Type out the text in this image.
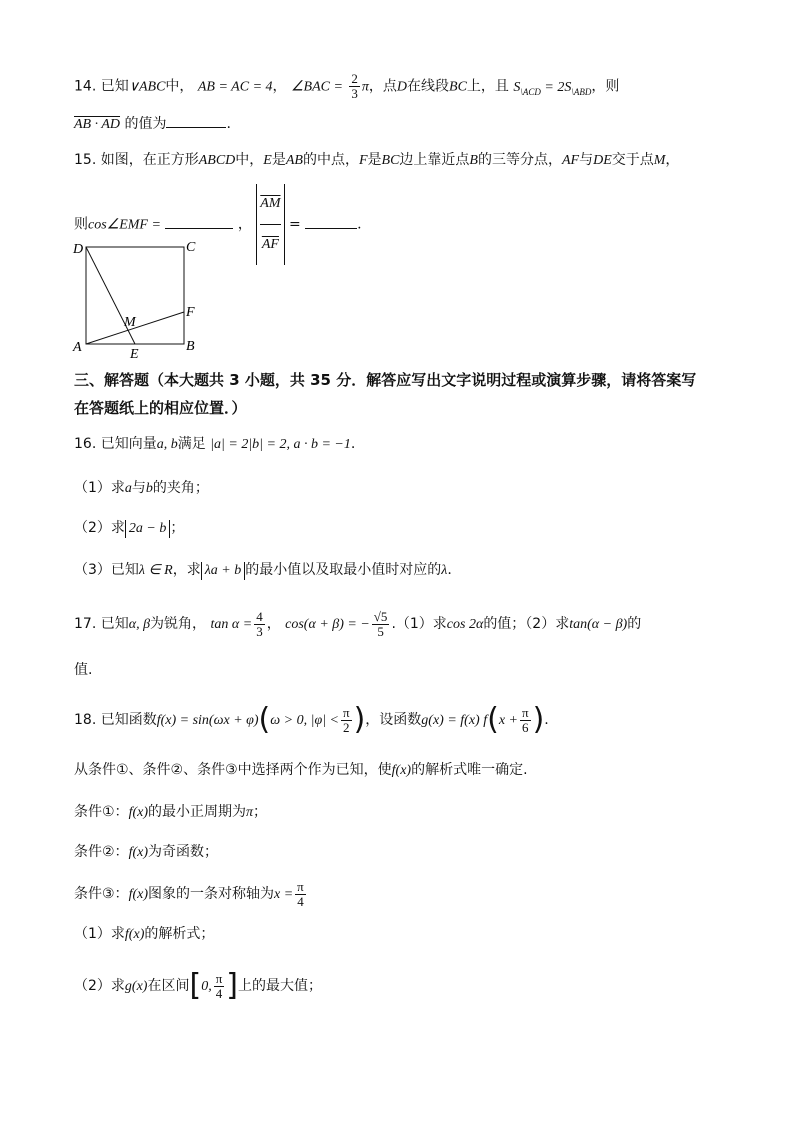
14. 已知∨ABC中， AB = AC = 4， ∠BAC = $\frac{2}{3}$ π，点D在线段BC上，且 $S_{\backslash ACD} = 2S_{\backslash ABD}$，则
AB · AD 的值为	.
15. 如图，在正方形ABCD中，E是AB的中点，F是BC边上靠近点B的三等分点，AF与DE交于点M，
则cos∠EMF =	， $\frac{\overline{AM}}{AF}$ =	.
D	C
A	B
E
F
M
三、解答题（本大题共 3 小题，共 35 分．解答应写出文字说明过程或演算步骤，请将答案写
在答题纸上的相应位置．）
16. 已知向量a, b满足 |a| = 2|b| = 2, a · b = −1.
（1）求a与b的夹角；
（2）求 2a − b ；
（3）已知λ ∈ R，求 λa + b 的最小值以及取最小值时对应的λ.
17. 已知α, β为锐角， $\tan \alpha = \frac{4}{3}$ ， cos(α + β) = − $\frac{√5}{5} .(1)$求cos 2α的值；（2）求tan(α − β)的
值.
18. 已知函数f(x) = sin(ωx + φ)(ω > 0, $|\varphi| < \frac{\pi}{2}$ )，设函数g(x) = f(x) $f(x + \frac{\pi}{6}$ ).
从条件①、条件②、条件③中选择两个作为已知，使f(x)的解析式唯一确定.
条件①：f(x)的最小正周期为π；
条件②：f(x)为奇函数；
条件③：f(x)图象的一条对称轴为$x = \frac{\pi}{4}$
（1）求f(x)的解析式；
（2）求g(x)在区间[0, $\frac{\pi}{4}$ ]上的最大值；
